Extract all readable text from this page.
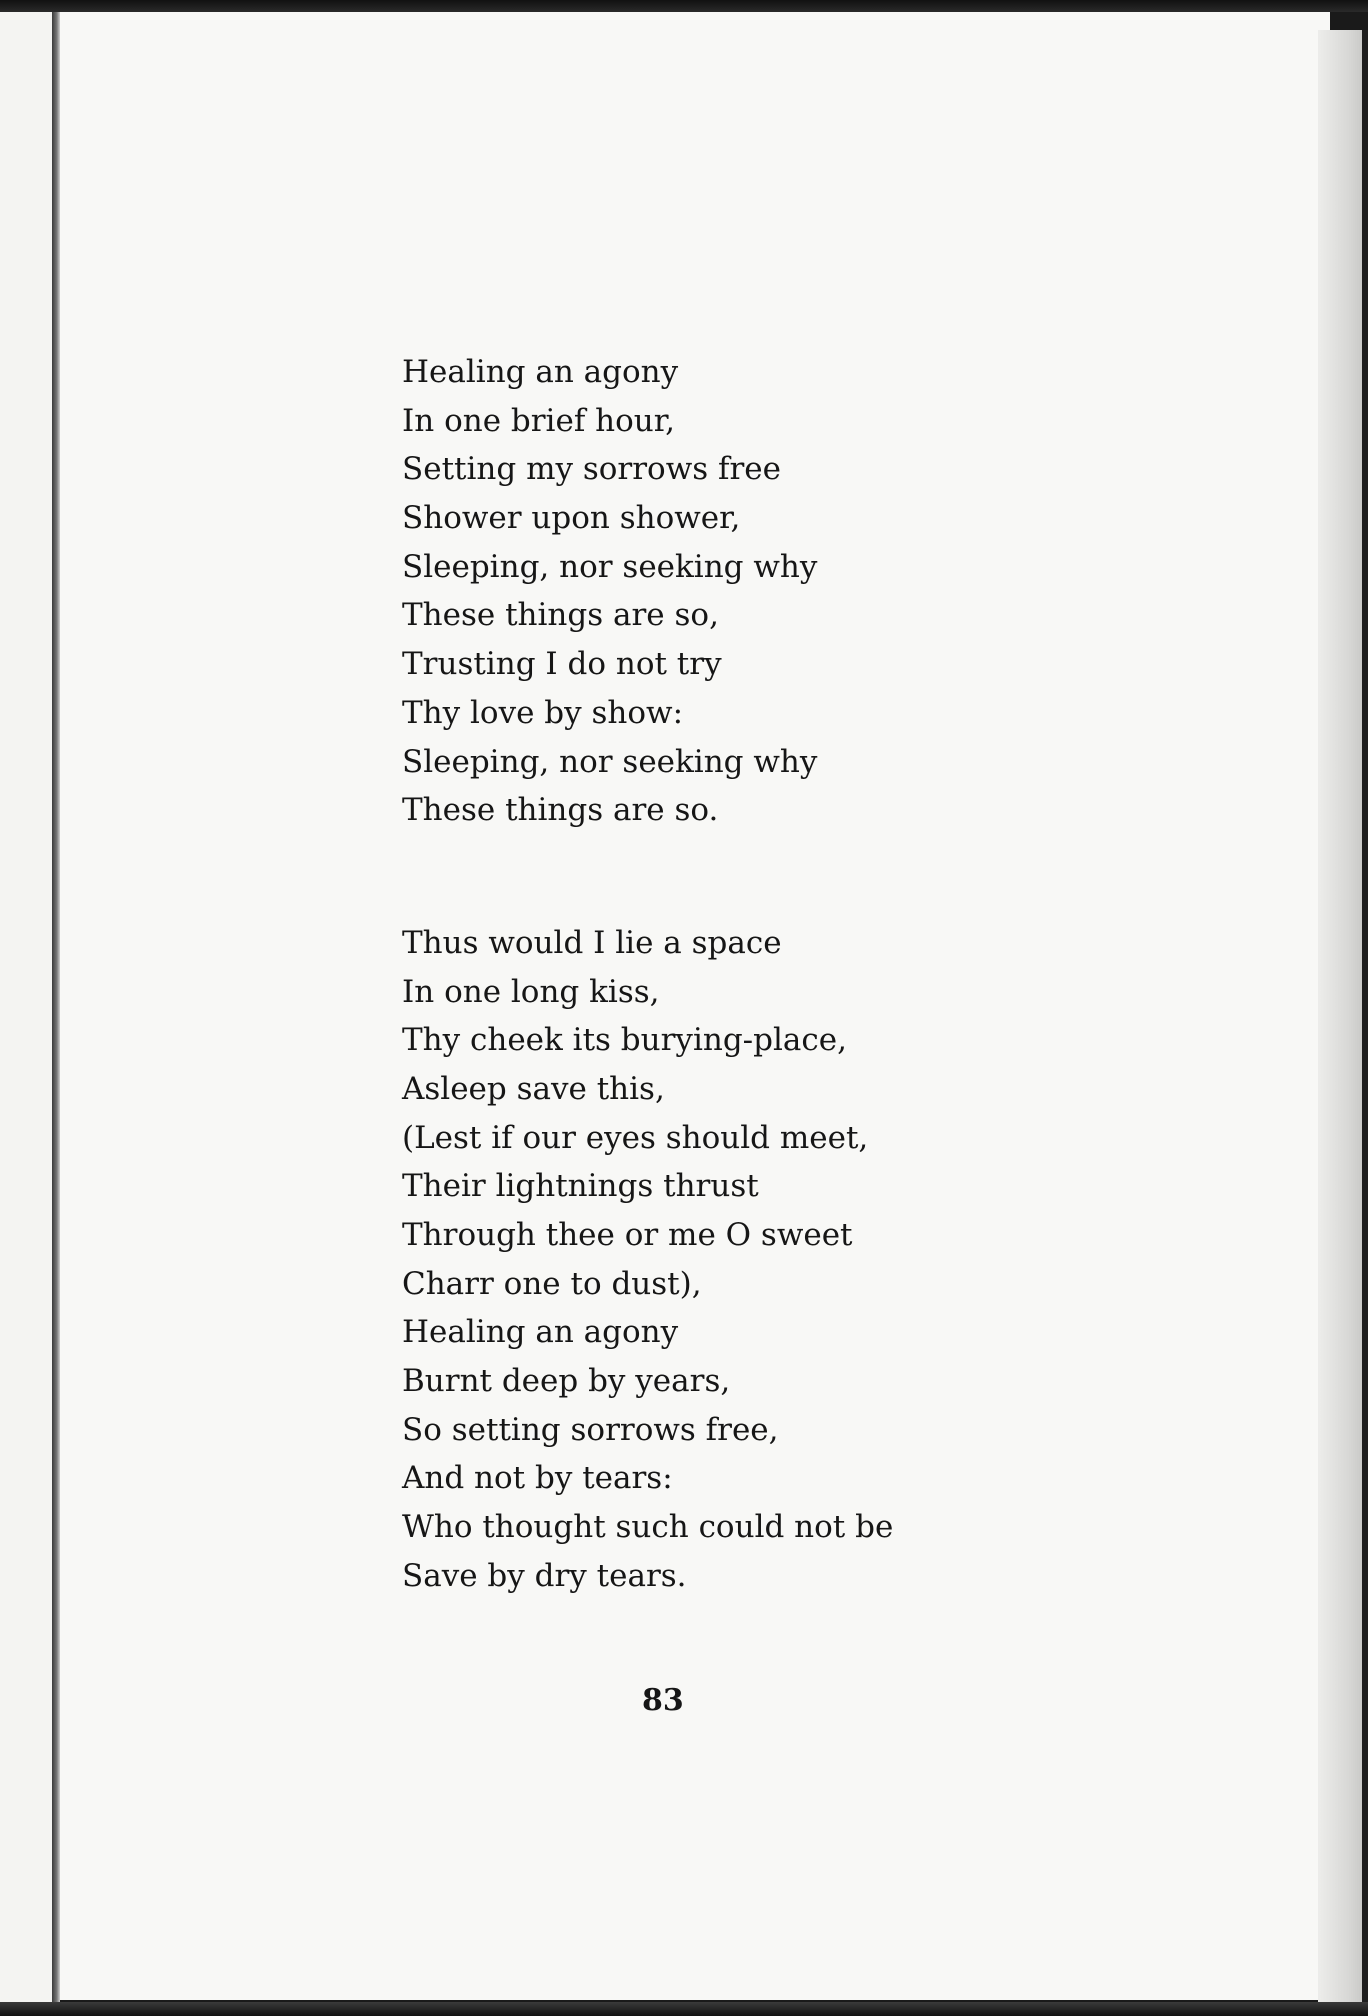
Healing an agony
In one brief hour,
Setting my sorrows free
Shower upon shower,
Sleeping, nor seeking why
These things are so,
Trusting I do not try
Thy love by show:
Sleeping, nor seeking why
These things are so.
Thus would I lie a space
In one long kiss,
Thy cheek its burying-place,
Asleep save this,
(Lest if our eyes should meet,
Their lightnings thrust
Through thee or me O sweet
Charr one to dust),
Healing an agony
Burnt deep by years,
So setting sorrows free,
And not by tears:
Who thought such could not be
Save by dry tears.
83
